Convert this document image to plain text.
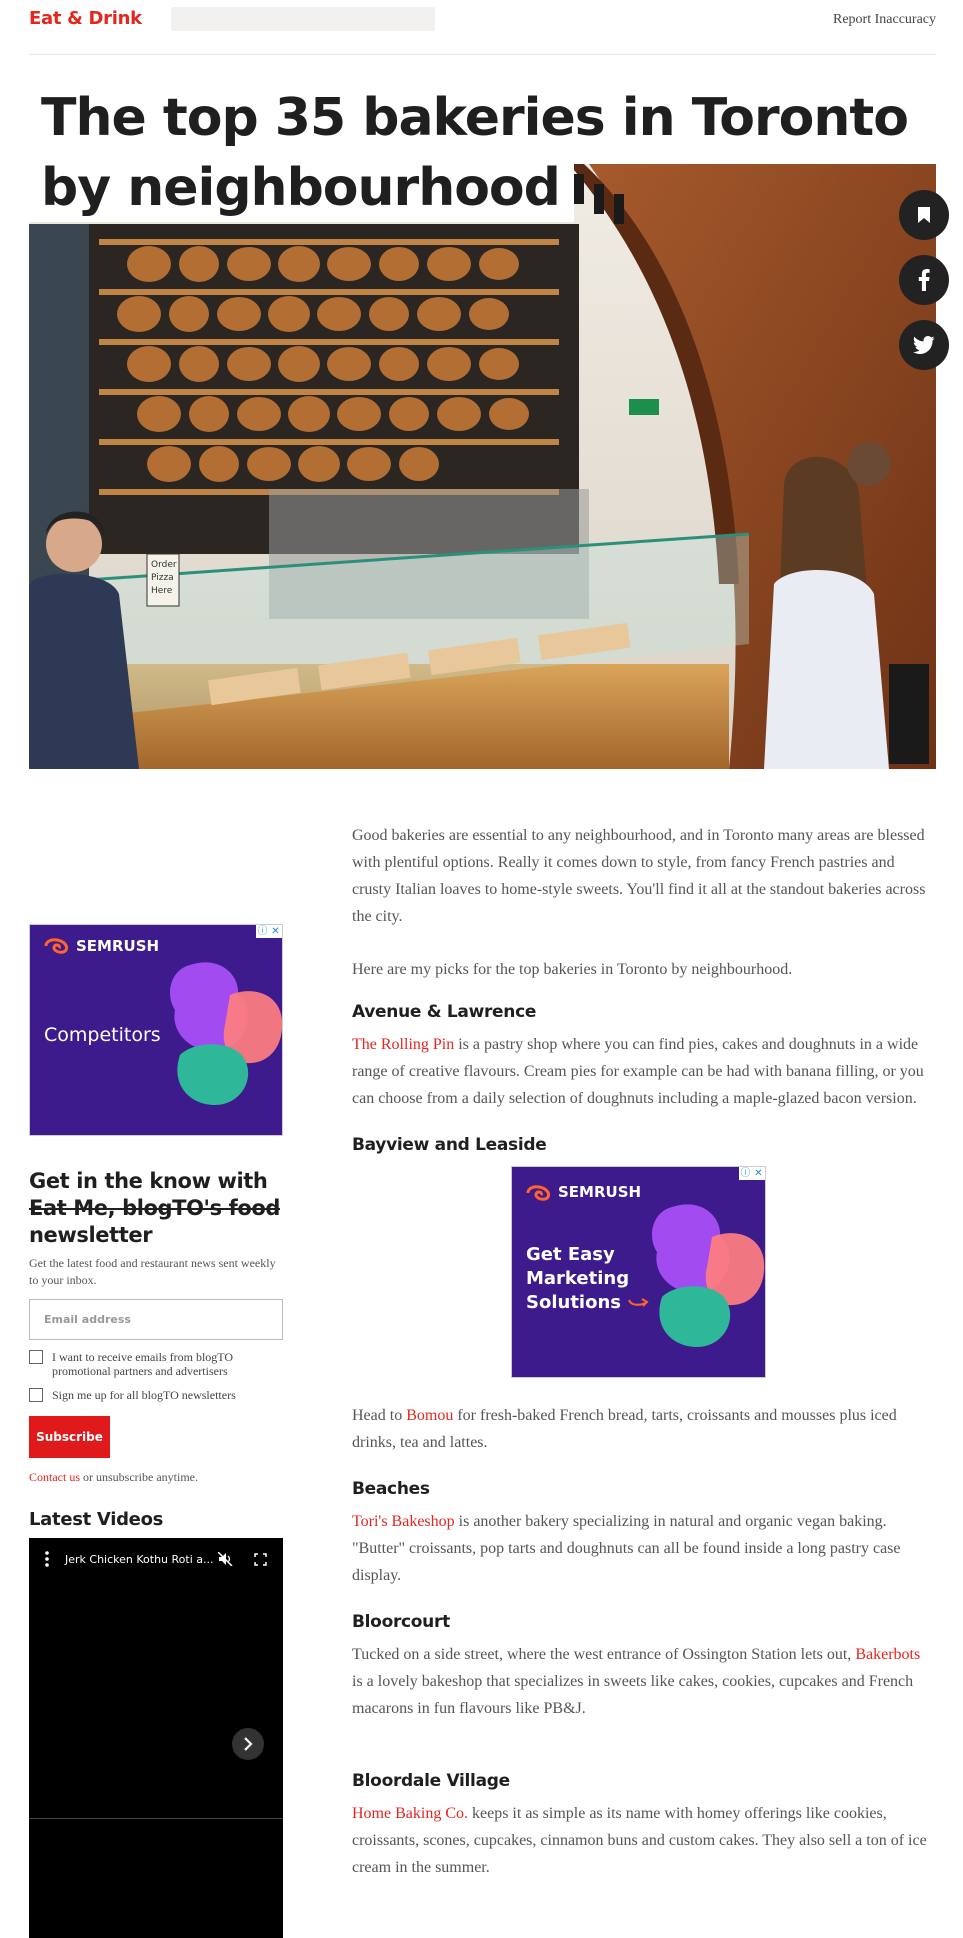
Eat & Drink	Report Inaccuracy
Order
Pizza
Here
The top 35 bakeries in Toronto
by neighbourhood
ⓘ ✕
SEMRUSH
Competitors
Get in the know with
Eat Me, blogTO's food
newsletter
Get the latest food and restaurant news sent weekly to your inbox.
Email address
I want to receive emails from blogTO promotional partners and advertisers
Sign me up for all blogTO newsletters
Subscribe
Contact us or unsubscribe anytime.
Latest Videos
Jerk Chicken Kothu Roti a...

Good bakeries are essential to any neighbourhood, and in Toronto many areas are blessed with plentiful options. Really it comes down to style, from fancy French pastries and crusty Italian loaves to home-style sweets. You'll find it all at the standout bakeries across the city.

Here are my picks for the top bakeries in Toronto by neighbourhood.

Avenue & Lawrence

The Rolling Pin is a pastry shop where you can find pies, cakes and doughnuts in a wide range of creative flavours. Cream pies for example can be had with banana filling, or you can choose from a daily selection of doughnuts including a maple-glazed bacon version.

Bayview and Leaside
ⓘ ✕
SEMRUSH
Get Easy
Marketing
Solutions

Head to Bomou for fresh-baked French bread, tarts, croissants and mousses plus iced drinks, tea and lattes.

Beaches

Tori's Bakeshop is another bakery specializing in natural and organic vegan baking. "Butter" croissants, pop tarts and doughnuts can all be found inside a long pastry case display.

Bloorcourt

Tucked on a side street, where the west entrance of Ossington Station lets out, Bakerbots is a lovely bakeshop that specializes in sweets like cakes, cookies, cupcakes and French macarons in fun flavours like PB&J.

Bloordale Village

Home Baking Co. keeps it as simple as its name with homey offerings like cookies, croissants, scones, cupcakes, cinnamon buns and custom cakes. They also sell a ton of ice cream in the summer.
